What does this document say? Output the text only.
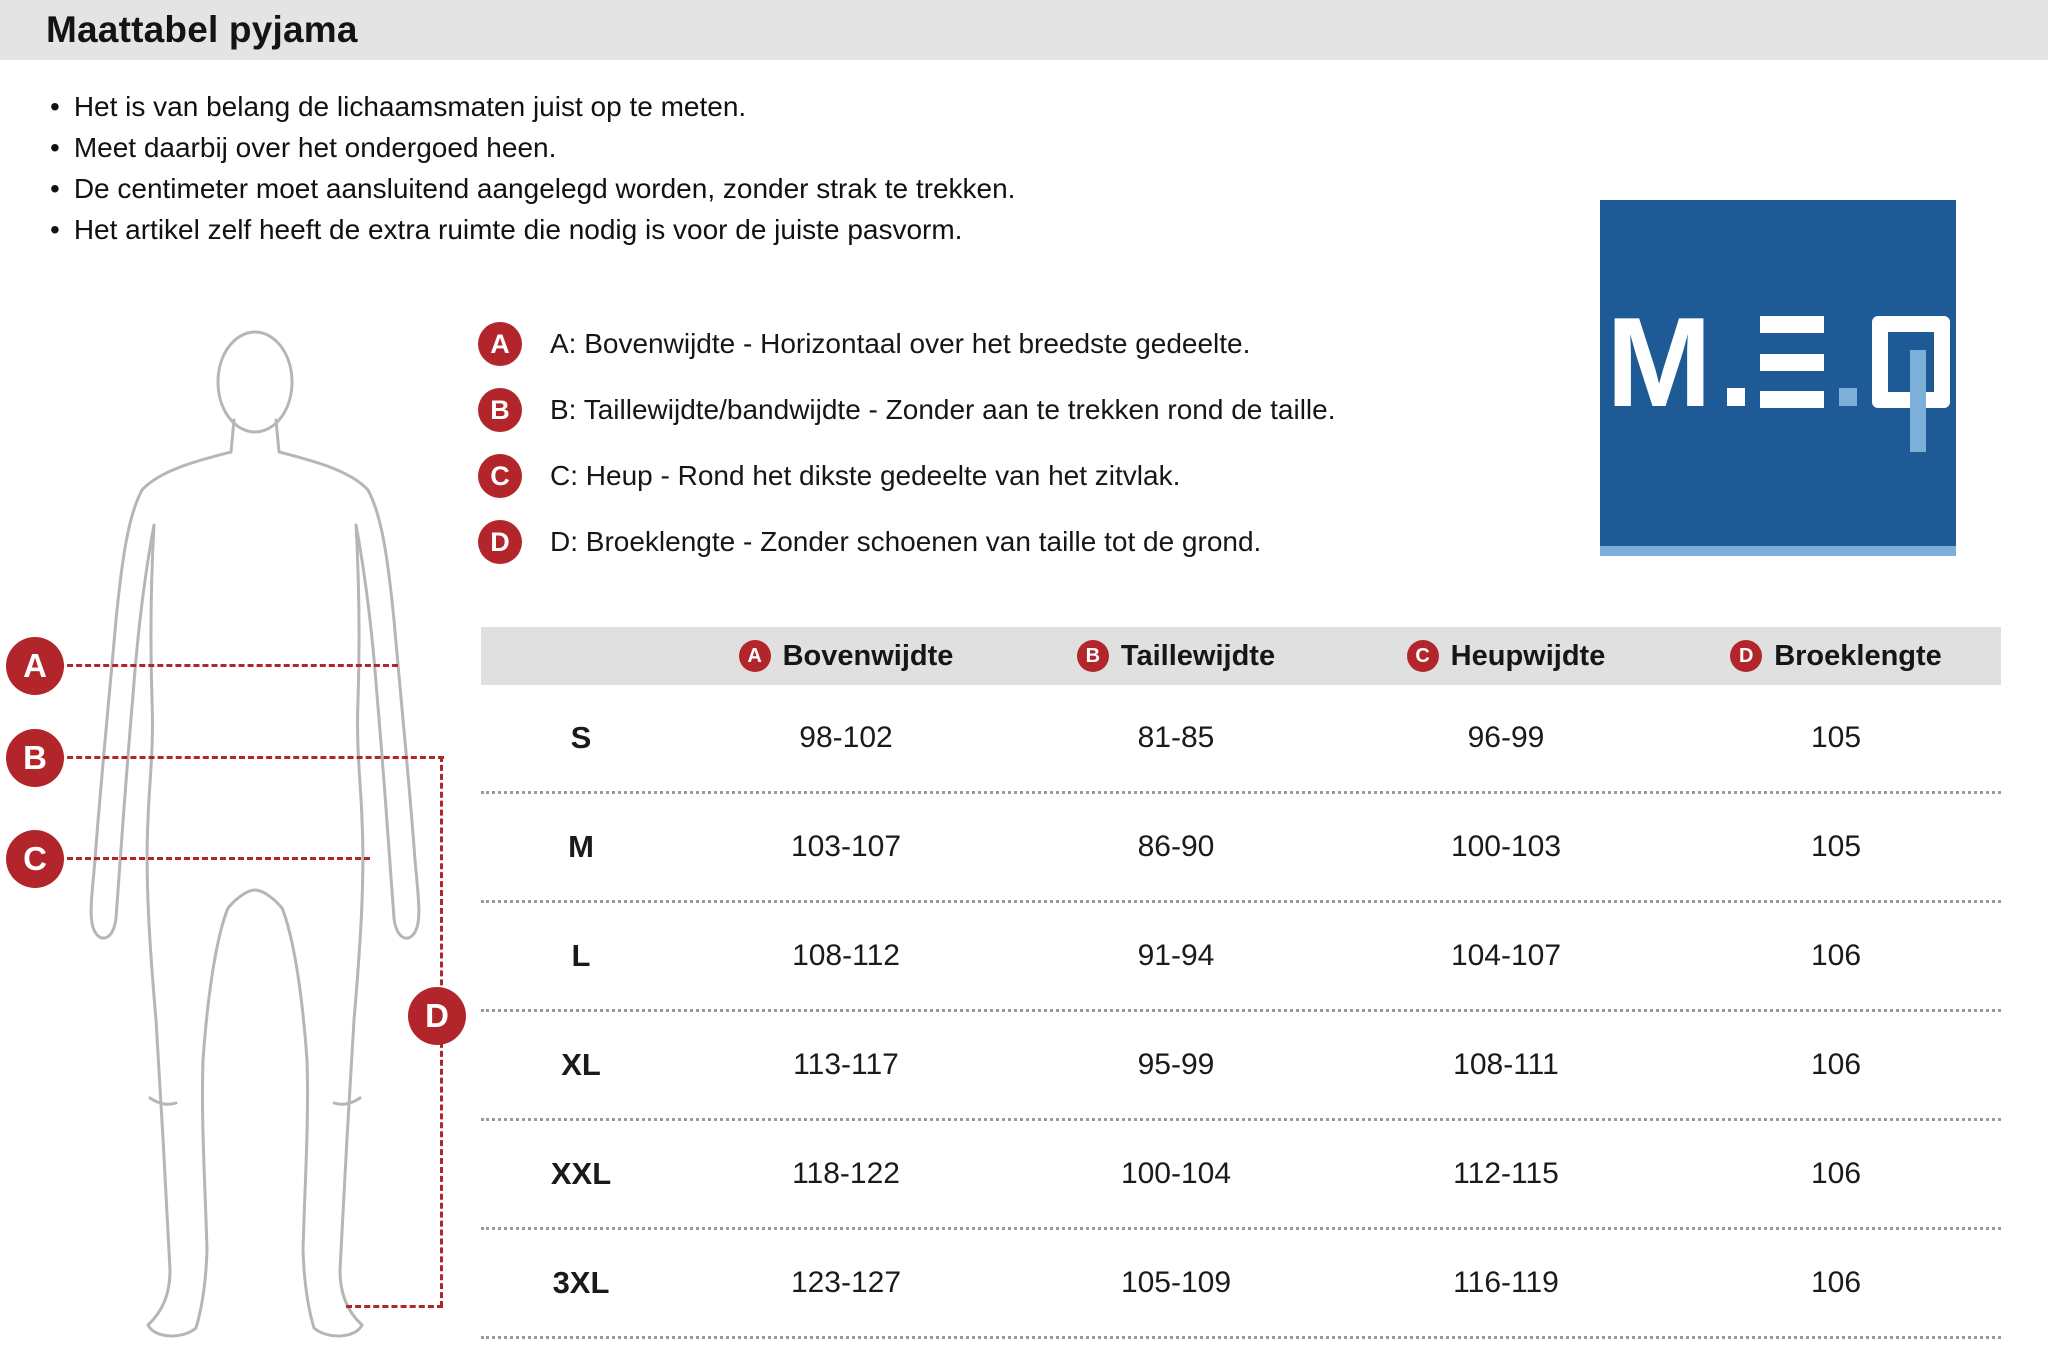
Maattabel pyjama
• Het is van belang de lichaamsmaten juist op te meten.
• Meet daarbij over het ondergoed heen.
• De centimeter moet aansluitend aangelegd worden, zonder strak te trekken.
• Het artikel zelf heeft de extra ruimte die nodig is voor de juiste pasvorm.
A	A: Bovenwijdte - Horizontaal over het breedste gedeelte.
B	B: Taillewijdte/bandwijdte - Zonder aan te trekken rond de taille.
C	C: Heup - Rond het dikste gedeelte van het zitvlak.
D	D: Broeklengte - Zonder schoenen van taille tot de grond.
M
A
B
C
D
A Bovenwijdte	B Taillewijdte	C Heupwijdte	D Broeklengte
S	98-102	81-85	96-99	105
M	103-107	86-90	100-103	105
L	108-112	91-94	104-107	106
XL	113-117	95-99	108-111	106
XXL	118-122	100-104	112-115	106
3XL	123-127	105-109	116-119	106
